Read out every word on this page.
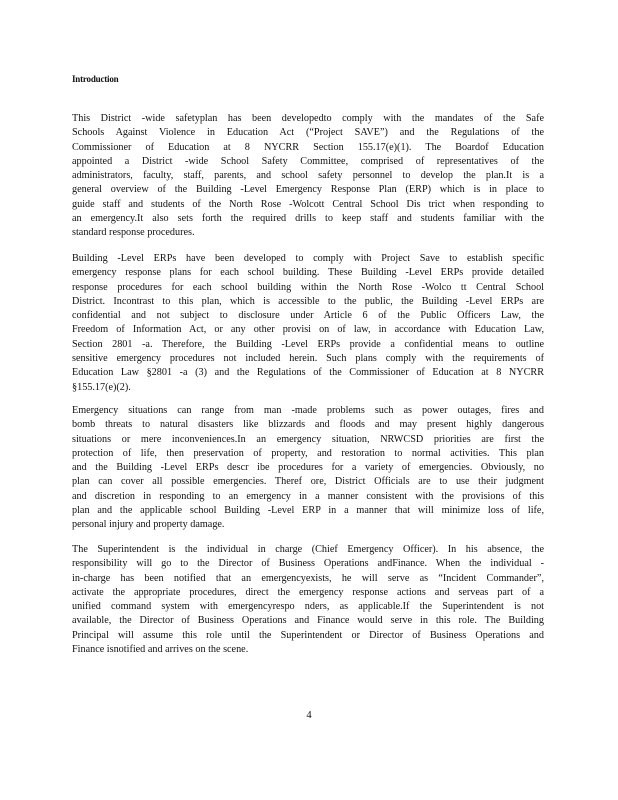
Introduction
This District -wide safetyplan has been developedto comply with the mandates of the Safe
Schools Against Violence in Education Act (“Project SAVE”) and the Regulations of the
Commissioner of Education at 8 NYCRR Section 155.17(e)(1). The Boardof Education
appointed a District -wide School Safety Committee, comprised of representatives of the
administrators, faculty, staff, parents, and school safety personnel to develop the plan.It is a
general overview of the Building -Level Emergency Response Plan (ERP) which is in place to
guide staff and students of the North Rose -Wolcott Central School Dis trict when responding to
an emergency.It also sets forth the required drills to keep staff and students familiar with the
standard response procedures.
Building -Level ERPs have been developed to comply with Project Save to establish specific
emergency response plans for each school building. These Building -Level ERPs provide detailed
response procedures for each school building within the North Rose -Wolco tt Central School
District. Incontrast to this plan, which is accessible to the public, the Building -Level ERPs are
confidential and not subject to disclosure under Article 6 of the Public Officers Law, the
Freedom of Information Act, or any other provisi on of law, in accordance with Education Law,
Section 2801 -a. Therefore, the Building -Level ERPs provide a confidential means to outline
sensitive emergency procedures not included herein. Such plans comply with the requirements of
Education Law §2801 -a (3) and the Regulations of the Commissioner of Education at 8 NYCRR
§155.17(e)(2).
Emergency situations can range from man -made problems such as power outages, fires and
bomb threats to natural disasters like blizzards and floods and may present highly dangerous
situations or mere inconveniences.In an emergency situation, NRWCSD priorities are first the
protection of life, then preservation of property, and restoration to normal activities. This plan
and the Building -Level ERPs descr ibe procedures for a variety of emergencies. Obviously, no
plan can cover all possible emergencies. Theref ore, District Officials are to use their judgment
and discretion in responding to an emergency in a manner consistent with the provisions of this
plan and the applicable school Building -Level ERP in a manner that will minimize loss of life,
personal injury and property damage.
The Superintendent is the individual in charge (Chief Emergency Officer). In his absence, the
responsibility will go to the Director of Business Operations andFinance. When the individual -
in-charge has been notified that an emergencyexists, he will serve as “Incident Commander”,
activate the appropriate procedures, direct the emergency response actions and serveas part of a
unified command system with emergencyrespo nders, as applicable.If the Superintendent is not
available, the Director of Business Operations and Finance would serve in this role. The Building
Principal will assume this role until the Superintendent or Director of Business Operations and
Finance isnotified and arrives on the scene.
4
